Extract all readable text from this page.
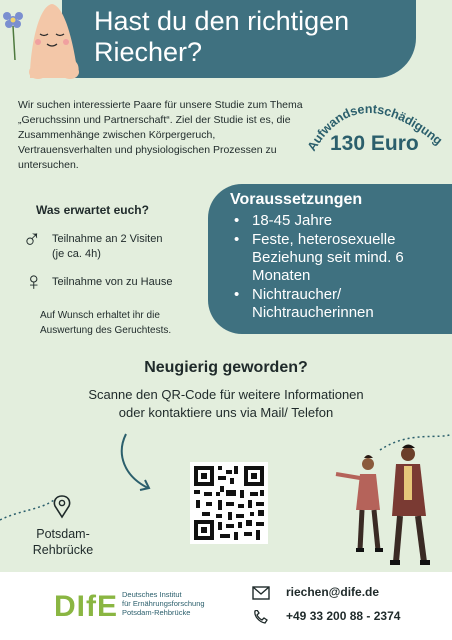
Hast du den richtigen
Riecher?

Wir suchen interessierte Paare für unsere Studie zum Thema „Geruchssinn und Partnerschaft“. Ziel der Studie ist es, die Zusammenhänge zwischen Körpergeruch, Vertrauensverhalten und physiologischen Prozessen zu untersuchen.

Aufwandsentschädigung
130 Euro
Was erwartet euch?
♂ Teilnahme an 2 Visiten
(je ca. 4h)
♀ Teilnahme von zu Hause
Auf Wunsch erhaltet ihr die
Auswertung des Geruchtests.
Voraussetzungen
• 18-45 Jahre
• Feste, heterosexuelle Beziehung seit mind. 6 Monaten
• Nichtraucher/ Nichtraucherinnen
Neugierig geworden?
Scanne den QR-Code für weitere Informationen
oder kontaktiere uns via Mail/ Telefon
Potsdam-
Rehbrücke
DIfE Deutsches Institut
für Ernährungsforschung
Potsdam-Rehbrücke
riechen@dife.de
+49 33 200 88 - 2374
